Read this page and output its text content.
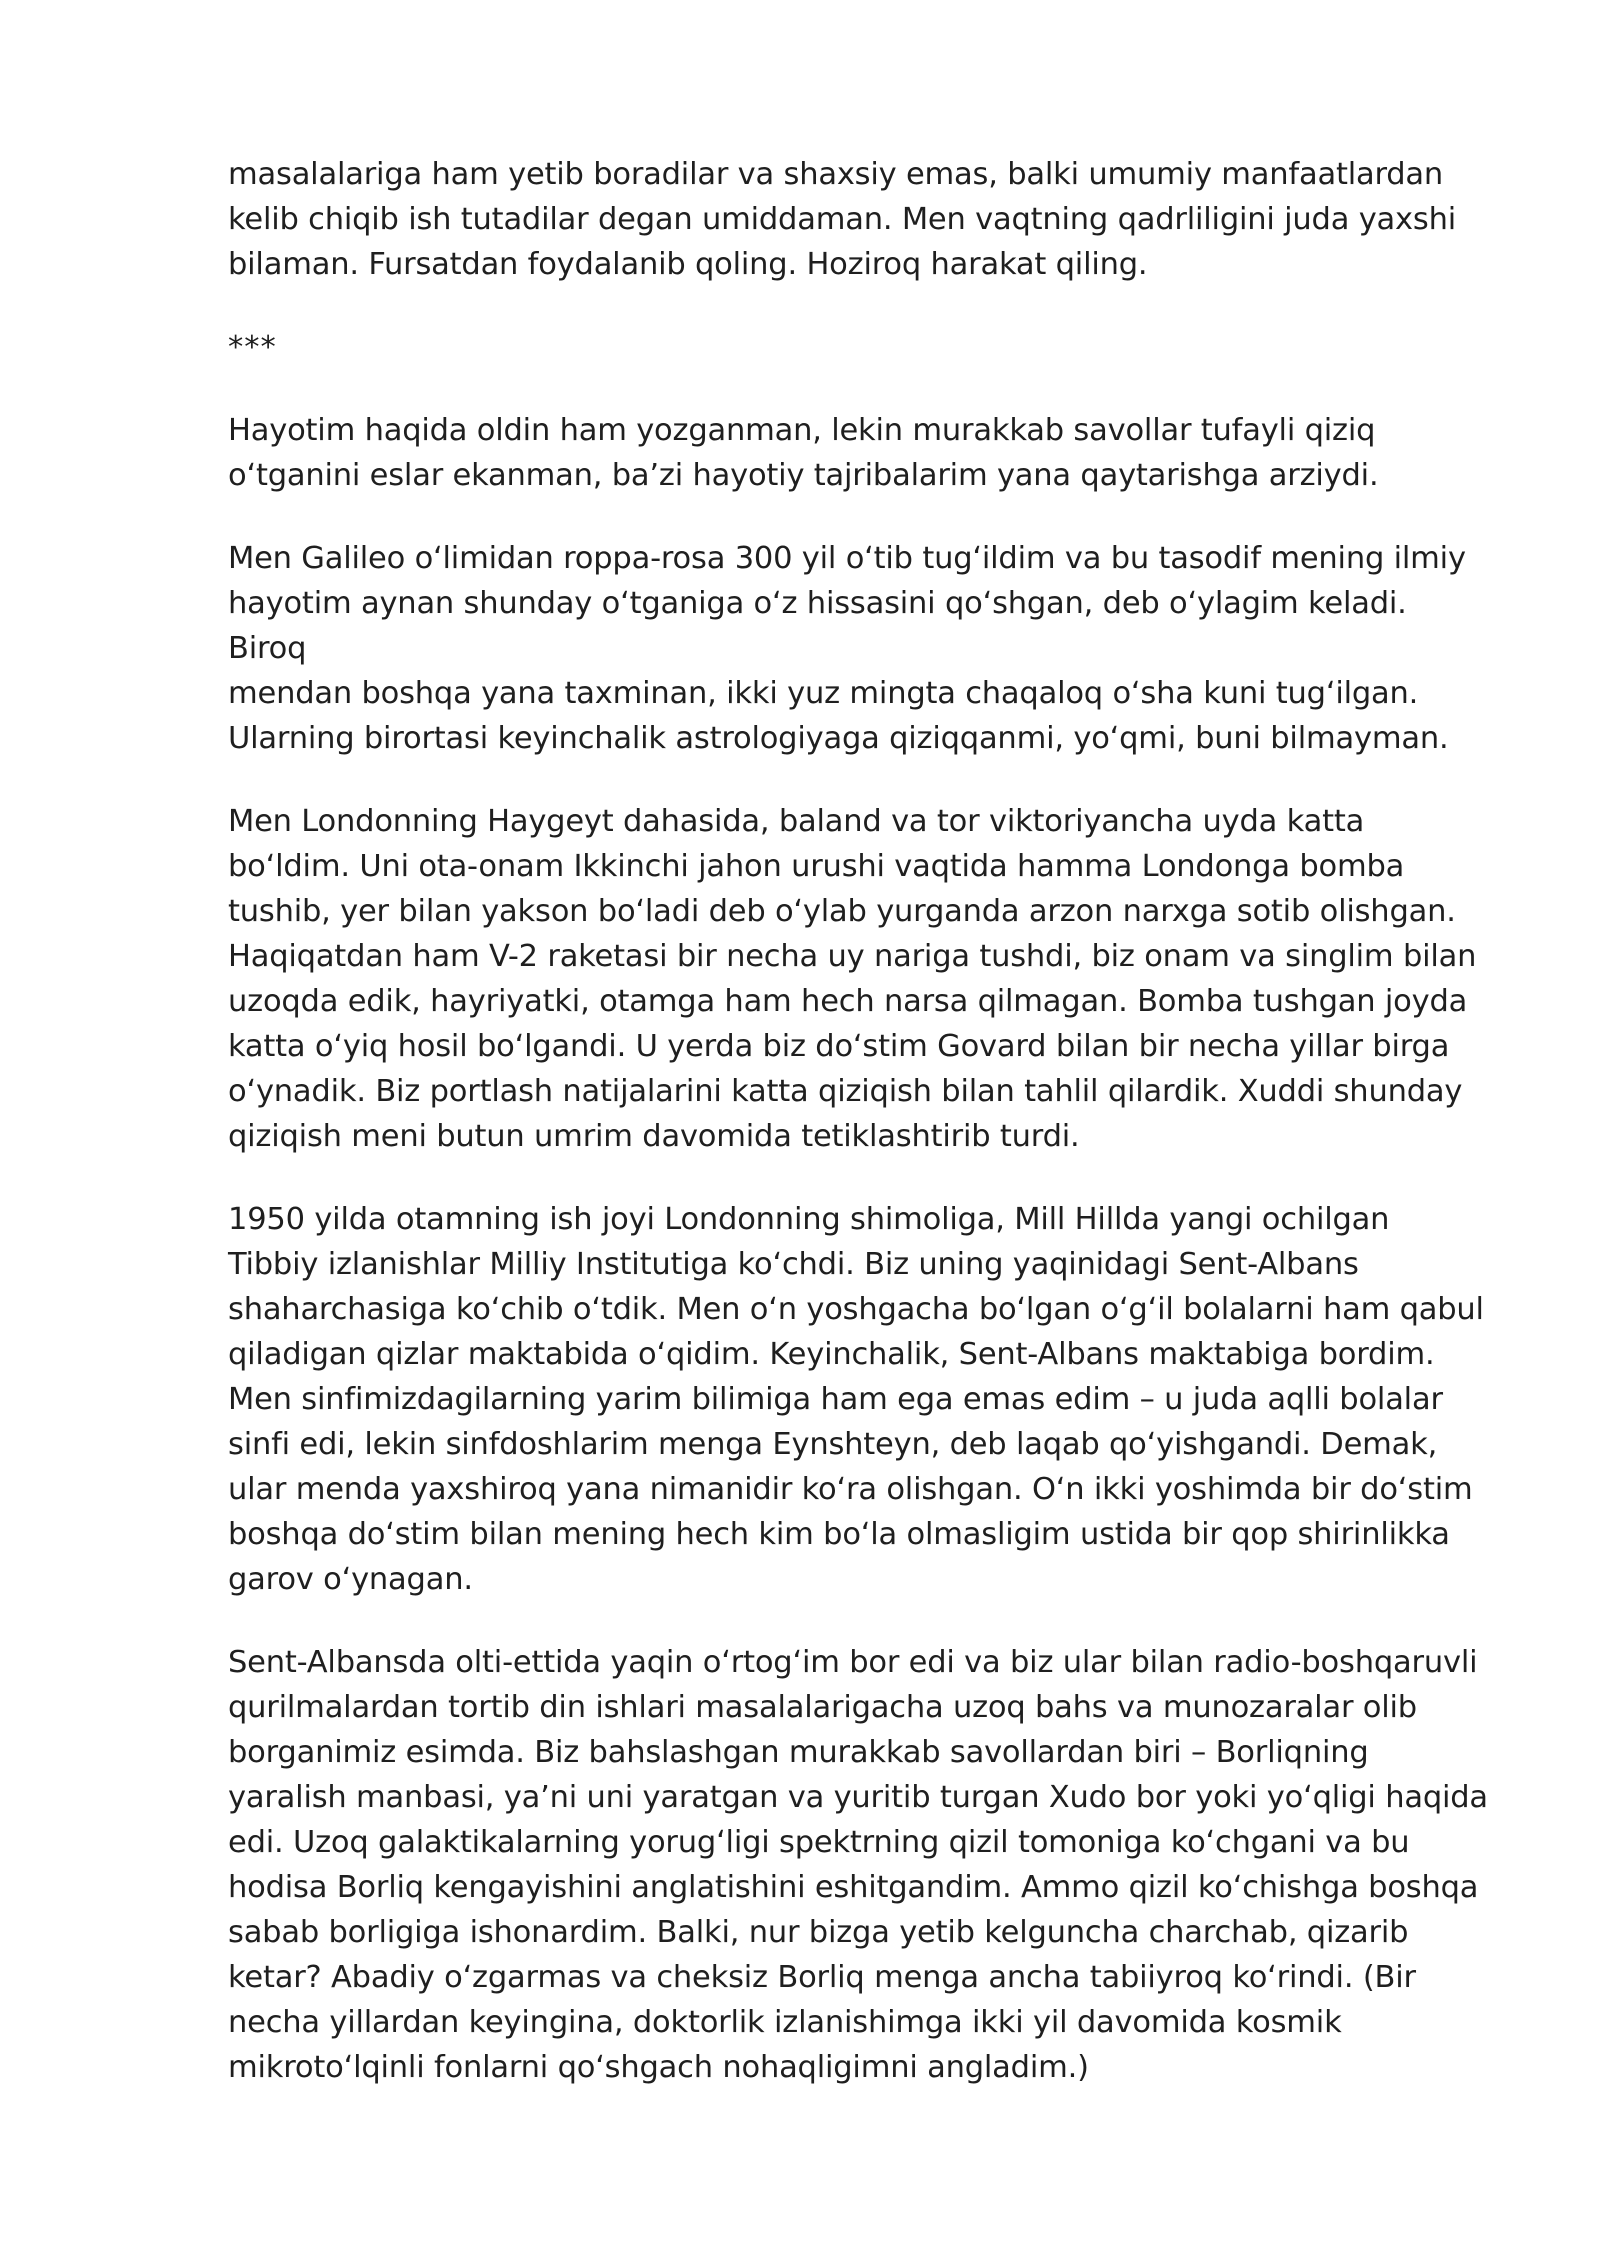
masalalariga ham yetib boradilar va shaxsiy emas, balki umumiy manfaatlardan
kelib chiqib ish tutadilar degan umiddaman. Men vaqtning qadrliligini juda yaxshi
bilaman. Fursatdan foydalanib qoling. Hoziroq harakat qiling.

***

Hayotim haqida oldin ham yozganman, lekin murakkab savollar tufayli qiziq
oʻtganini eslar ekanman, baʼzi hayotiy tajribalarim yana qaytarishga arziydi.

Men Galileo oʻlimidan roppa-rosa 300 yil oʻtib tugʻildim va bu tasodif mening ilmiy
hayotim aynan shunday oʻtganiga oʻz hissasini qoʻshgan, deb oʻylagim keladi. Biroq
mendan boshqa yana taxminan, ikki yuz mingta chaqaloq oʻsha kuni tugʻilgan.
Ularning birortasi keyinchalik astrologiyaga qiziqqanmi, yoʻqmi, buni bilmayman.

Men Londonning Haygeyt dahasida, baland va tor viktoriyancha uyda katta
boʻldim. Uni ota-onam Ikkinchi jahon urushi vaqtida hamma Londonga bomba
tushib, yer bilan yakson boʻladi deb oʻylab yurganda arzon narxga sotib olishgan.
Haqiqatdan ham V-2 raketasi bir necha uy nariga tushdi, biz onam va singlim bilan
uzoqda edik, hayriyatki, otamga ham hech narsa qilmagan. Bomba tushgan joyda
katta oʻyiq hosil boʻlgandi. U yerda biz doʻstim Govard bilan bir necha yillar birga
oʻynadik. Biz portlash natijalarini katta qiziqish bilan tahlil qilardik. Xuddi shunday
qiziqish meni butun umrim davomida tetiklashtirib turdi.

1950 yilda otamning ish joyi Londonning shimoliga, Mill Hillda yangi ochilgan
Tibbiy izlanishlar Milliy Institutiga koʻchdi. Biz uning yaqinidagi Sent-Albans
shaharchasiga koʻchib oʻtdik. Men oʻn yoshgacha boʻlgan oʻgʻil bolalarni ham qabul
qiladigan qizlar maktabida oʻqidim. Keyinchalik, Sent-Albans maktabiga bordim.
Men sinfimizdagilarning yarim bilimiga ham ega emas edim – u juda aqlli bolalar
sinfi edi, lekin sinfdoshlarim menga Eynshteyn, deb laqab qoʻyishgandi. Demak,
ular menda yaxshiroq yana nimanidir koʻra olishgan. Oʻn ikki yoshimda bir doʻstim
boshqa doʻstim bilan mening hech kim boʻla olmasligim ustida bir qop shirinlikka
garov oʻynagan.

Sent-Albansda olti-ettida yaqin oʻrtogʻim bor edi va biz ular bilan radio-boshqaruvli
qurilmalardan tortib din ishlari masalalarigacha uzoq bahs va munozaralar olib
borganimiz esimda. Biz bahslashgan murakkab savollardan biri – Borliqning
yaralish manbasi, yaʼni uni yaratgan va yuritib turgan Xudo bor yoki yoʻqligi haqida
edi. Uzoq galaktikalarning yorugʻligi spektrning qizil tomoniga koʻchgani va bu
hodisa Borliq kengayishini anglatishini eshitgandim. Ammo qizil koʻchishga boshqa
sabab borligiga ishonardim. Balki, nur bizga yetib kelguncha charchab, qizarib
ketar? Abadiy oʻzgarmas va cheksiz Borliq menga ancha tabiiyroq koʻrindi. (Bir
necha yillardan keyingina, doktorlik izlanishimga ikki yil davomida kosmik
mikrotoʻlqinli fonlarni qoʻshgach nohaqligimni angladim.)
